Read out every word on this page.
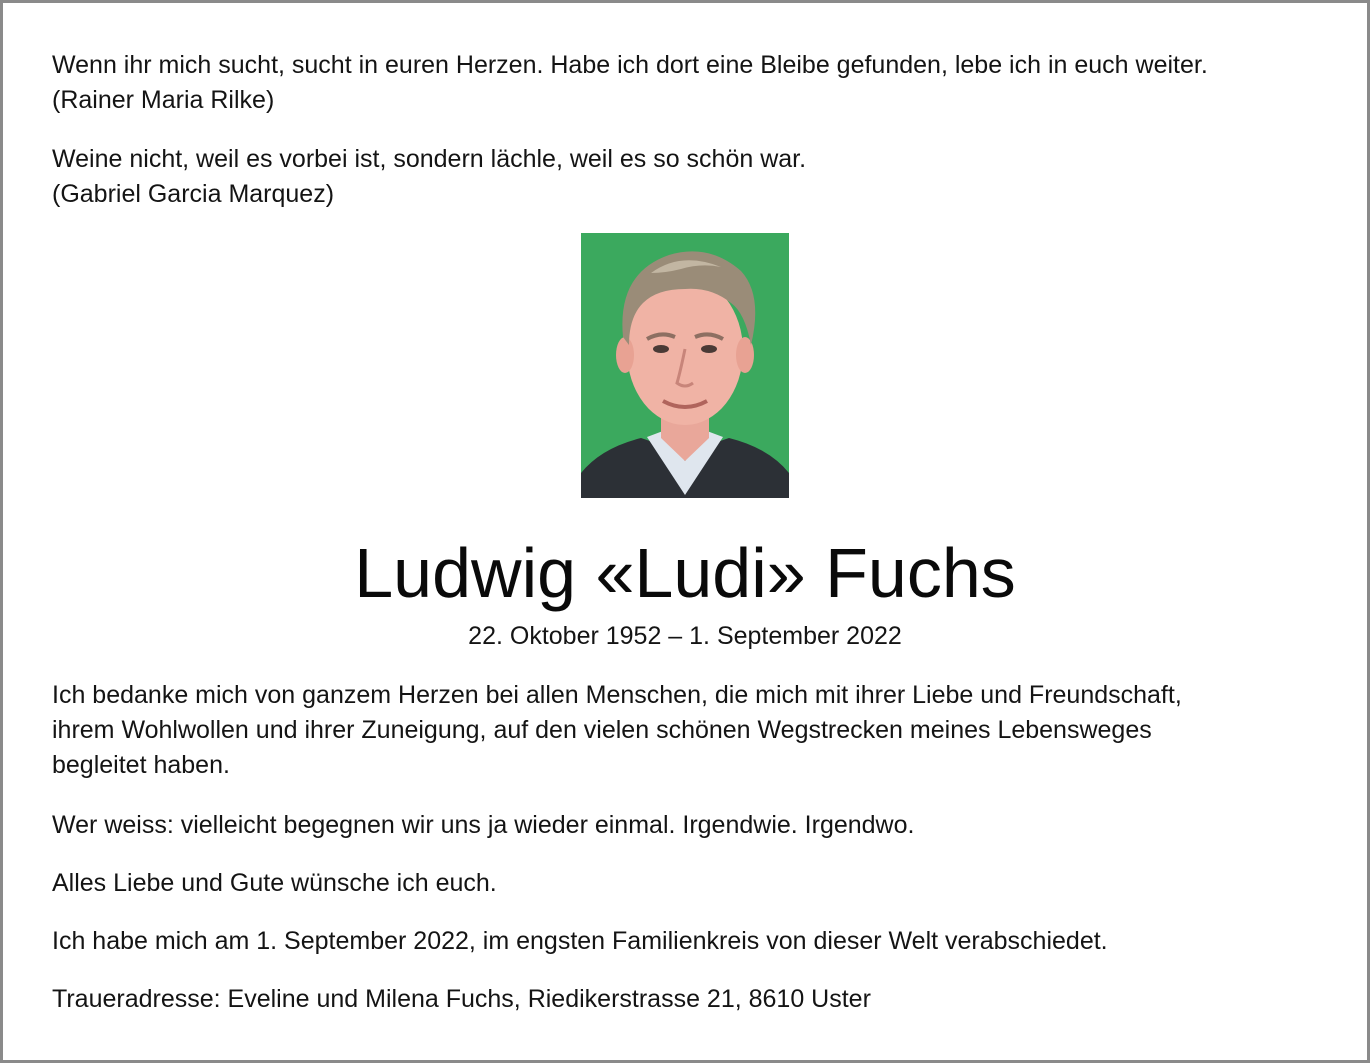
Wenn ihr mich sucht, sucht in euren Herzen. Habe ich dort eine Bleibe gefunden, lebe ich in euch weiter.
(Rainer Maria Rilke)

Weine nicht, weil es vorbei ist, sondern lächle, weil es so schön war.
(Gabriel Garcia Marquez)

Ludwig «Ludi» Fuchs
22. Oktober 1952 – 1. September 2022

Ich bedanke mich von ganzem Herzen bei allen Menschen, die mich mit ihrer Liebe und Freundschaft,
ihrem Wohlwollen und ihrer Zuneigung, auf den vielen schönen Wegstrecken meines Lebensweges
begleitet haben.

Wer weiss: vielleicht begegnen wir uns ja wieder einmal. Irgendwie. Irgendwo.

Alles Liebe und Gute wünsche ich euch.

Ich habe mich am 1. September 2022, im engsten Familienkreis von dieser Welt verabschiedet.

Traueradresse: Eveline und Milena Fuchs, Riedikerstrasse 21, 8610 Uster
